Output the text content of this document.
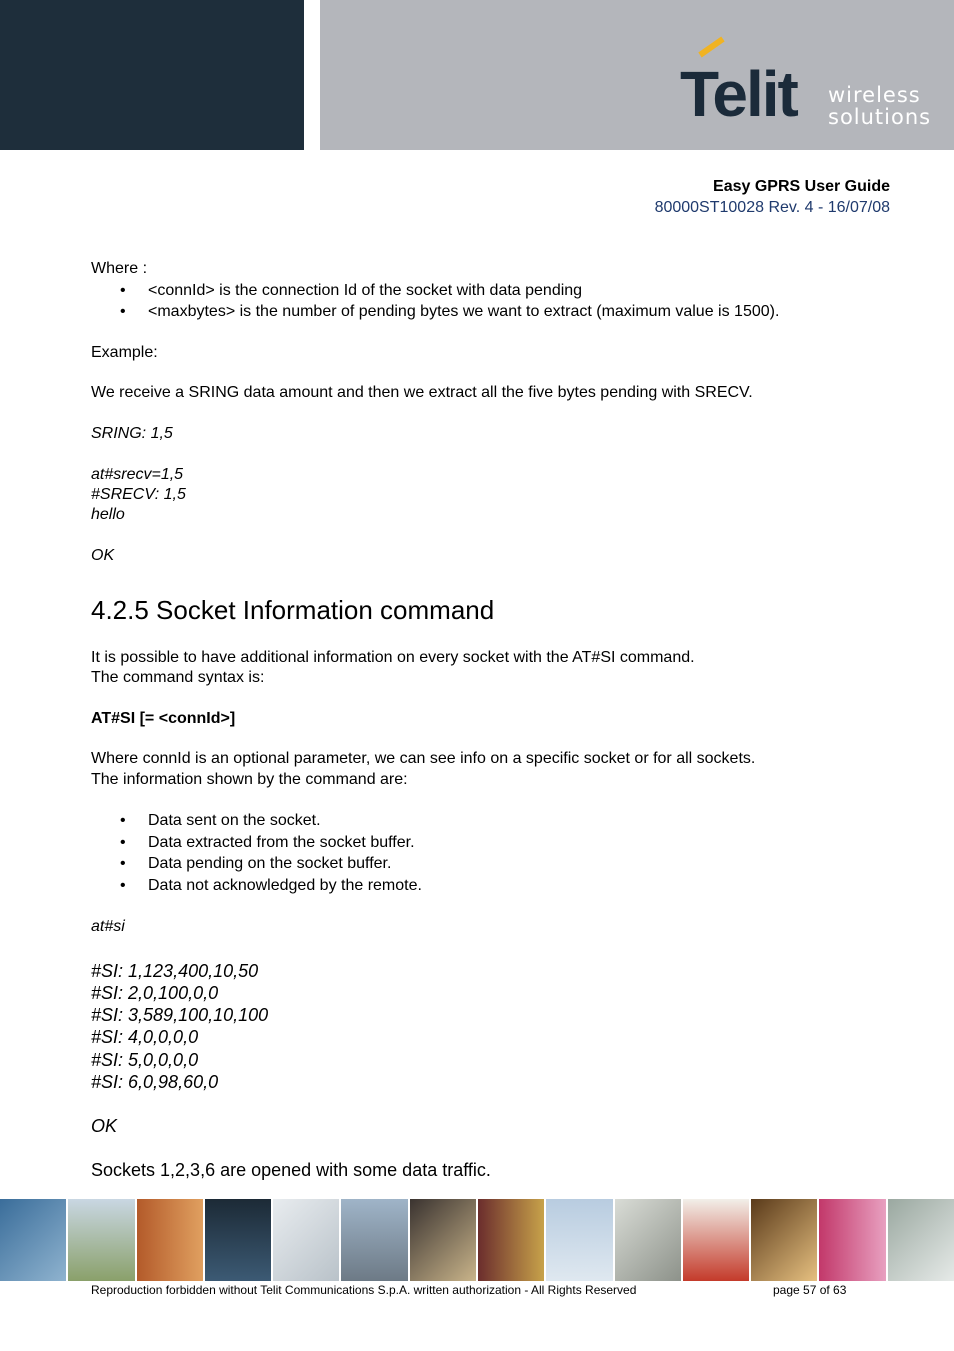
Telit wireless
solutions
Easy GPRS User Guide
80000ST10028 Rev. 4 - 16/07/08
Where :
• <connId> is the connection Id of the socket with data pending
• <maxbytes> is the number of pending bytes we want to extract (maximum value is 1500).
Example:
We receive a SRING data amount and then we extract all the five bytes pending with SRECV.
SRING: 1,5
at#srecv=1,5
#SRECV: 1,5
hello
OK
4.2.5 Socket Information command
It is possible to have additional information on every socket with the AT#SI command.
The command syntax is:
AT#SI [= <connId>]
Where connId is an optional parameter, we can see info on a specific socket or for all sockets.
The information shown by the command are:
• Data sent on the socket.
• Data extracted from the socket buffer.
• Data pending on the socket buffer.
• Data not acknowledged by the remote.
at#si
#SI: 1,123,400,10,50
#SI: 2,0,100,0,0
#SI: 3,589,100,10,100
#SI: 4,0,0,0,0
#SI: 5,0,0,0,0
#SI: 6,0,98,60,0
OK
Sockets 1,2,3,6 are opened with some data traffic.
Reproduction forbidden without Telit Communications S.p.A. written authorization - All Rights Reserved	page 57 of 63
